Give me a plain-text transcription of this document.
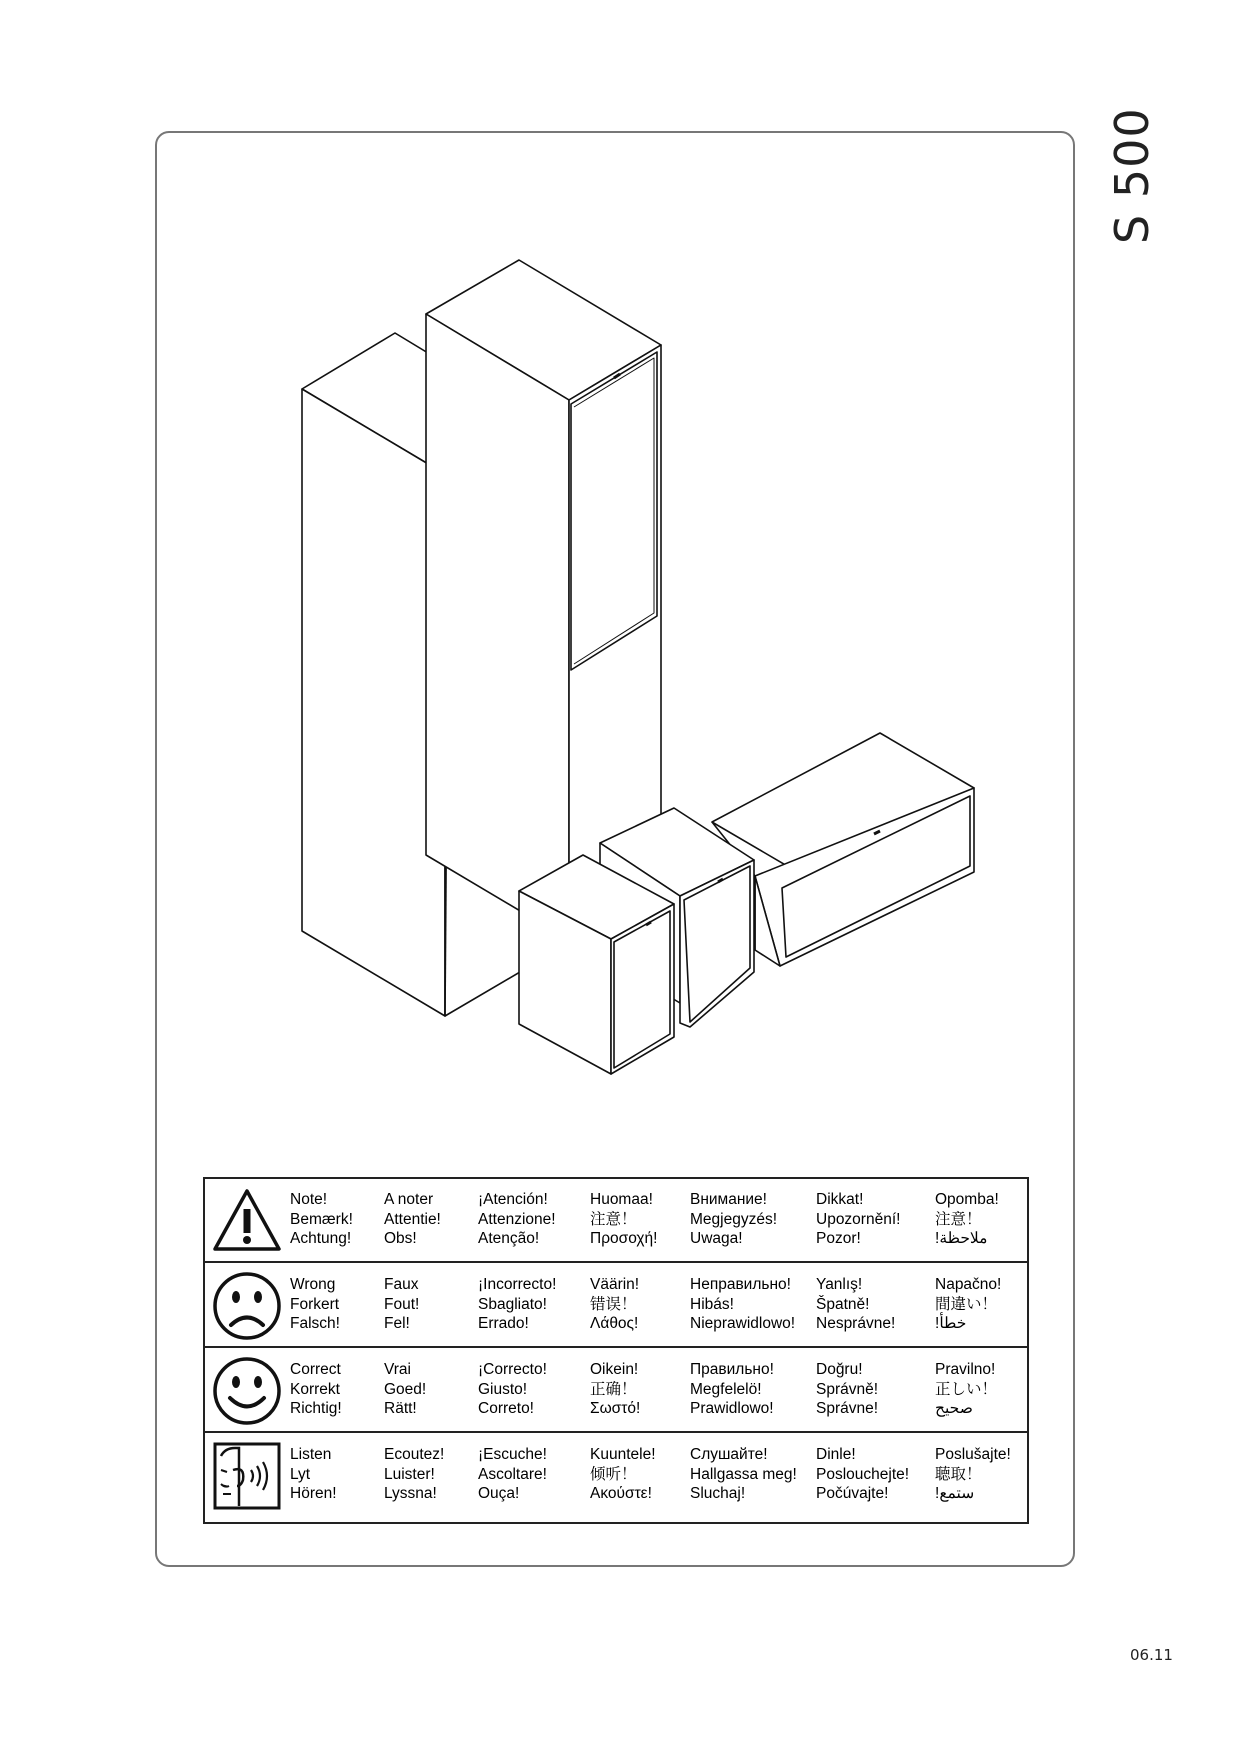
S 500
Note!
Bemærk!
Achtung!
A noter
Attentie!
Obs!
¡Atención!
Attenzione!
Atenção!
Huomaa!
注意！
Προσοχή!
Внимание!
Megjegyzés!
Uwaga!
Dikkat!
Upozornění!
Pozor!
Opomba!
注意！
!ملاحظة
Wrong
Forkert
Falsch!
Faux
Fout!
Fel!
¡Incorrecto!
Sbagliato!
Errado!
Väärin!
错误！
Λάθος!
Неправильно!
Hibás!
Nieprawidlowo!
Yanlış!
Špatně!
Nesprávne!
Napačno!
間違い！
!خطأ
Correct
Korrekt
Richtig!
Vrai
Goed!
Rätt!
¡Correcto!
Giusto!
Correto!
Oikein!
正确！
Σωστό!
Правильно!
Megfelelö!
Prawidlowo!
Doğru!
Správně!
Správne!
Pravilno!
正しい！
صحيح
Listen
Lyt
Hören!
Ecoutez!
Luister!
Lyssna!
¡Escuche!
Ascoltare!
Ouça!
Kuuntele!
倾听！
Ακούστε!
Слушайте!
Hallgassa meg!
Sluchaj!
Dinle!
Poslouchejte!
Počúvajte!
Poslušajte!
聴取！
!ستمع
06.11
